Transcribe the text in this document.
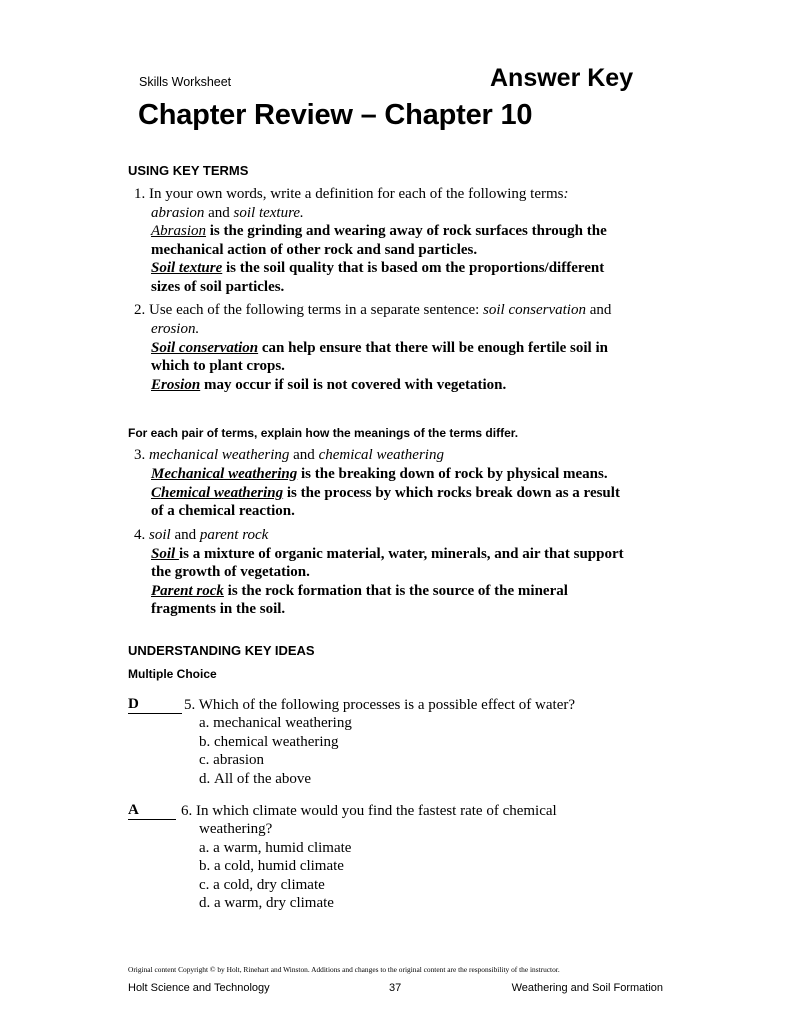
Skills Worksheet	Answer Key
Chapter Review – Chapter 10
USING KEY TERMS
1. In your own words, write a definition for each of the following terms:
abrasion and soil texture.
Abrasion is the grinding and wearing away of rock surfaces through the
mechanical action of other rock and sand particles.
Soil texture is the soil quality that is based om the proportions/different
sizes of soil particles.
2. Use each of the following terms in a separate sentence: soil conservation and
erosion.
Soil conservation can help ensure that there will be enough fertile soil in
which to plant crops.
Erosion may occur if soil is not covered with vegetation.
For each pair of terms, explain how the meanings of the terms differ.
3. mechanical weathering and chemical weathering
Mechanical weathering is the breaking down of rock by physical means.
Chemical weathering is the process by which rocks break down as a result
of a chemical reaction.
4. soil and parent rock
Soil is a mixture of organic material, water, minerals, and air that support
the growth of vegetation.
Parent rock is the rock formation that is the source of the mineral
fragments in the soil.
UNDERSTANDING KEY IDEAS
Multiple Choice
D	5. Which of the following processes is a possible effect of water?
a. mechanical weathering
b. chemical weathering
c. abrasion
d. All of the above
A	6. In which climate would you find the fastest rate of chemical
weathering?
a. a warm, humid climate
b. a cold, humid climate
c. a cold, dry climate
d. a warm, dry climate
Original content Copyright © by Holt, Rinehart and Winston. Additions and changes to the original content are the responsibility of the instructor.
Holt Science and Technology	37	Weathering and Soil Formation
